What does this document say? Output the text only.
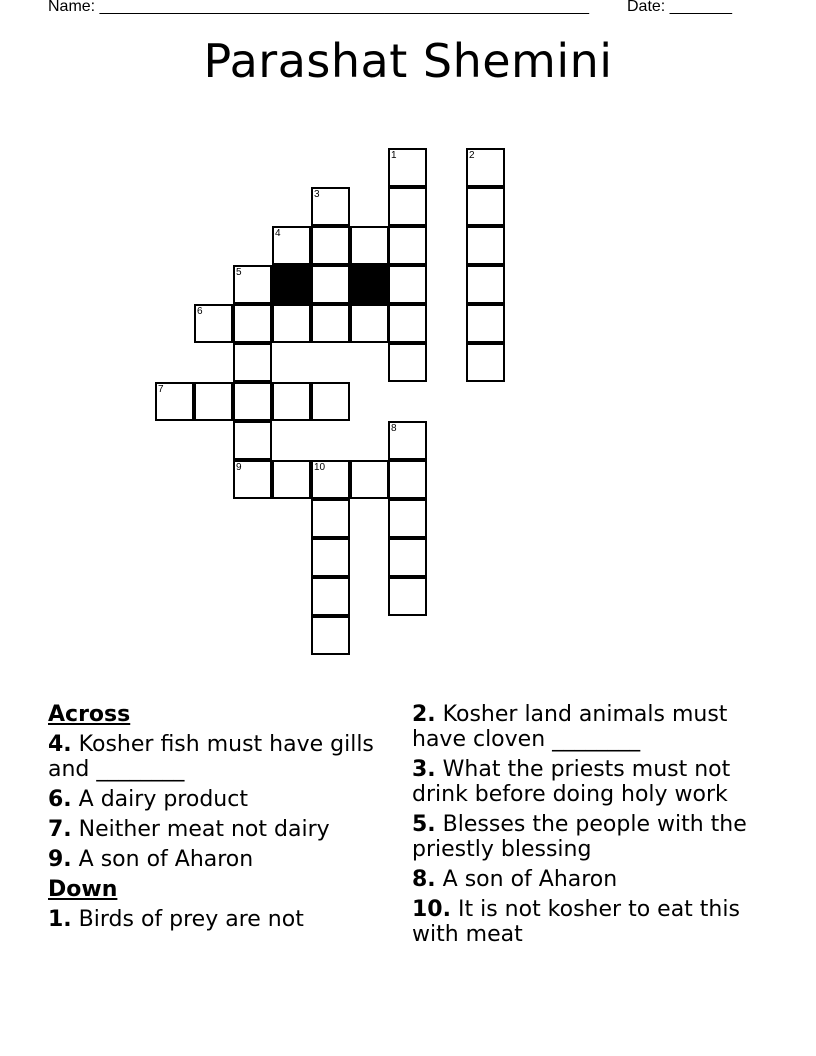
Name: _______________________________________________________ Date: _______
Parashat Shemini
1	2
3
4
5
6
7
8
9	10
Across
4. Kosher fish must have gills and ________
6. A dairy product
7. Neither meat not dairy
9. A son of Aharon
Down
1. Birds of prey are not
2. Kosher land animals must have cloven ________
3. What the priests must not drink before doing holy work
5. Blesses the people with the priestly blessing
8. A son of Aharon
10. It is not kosher to eat this with meat
